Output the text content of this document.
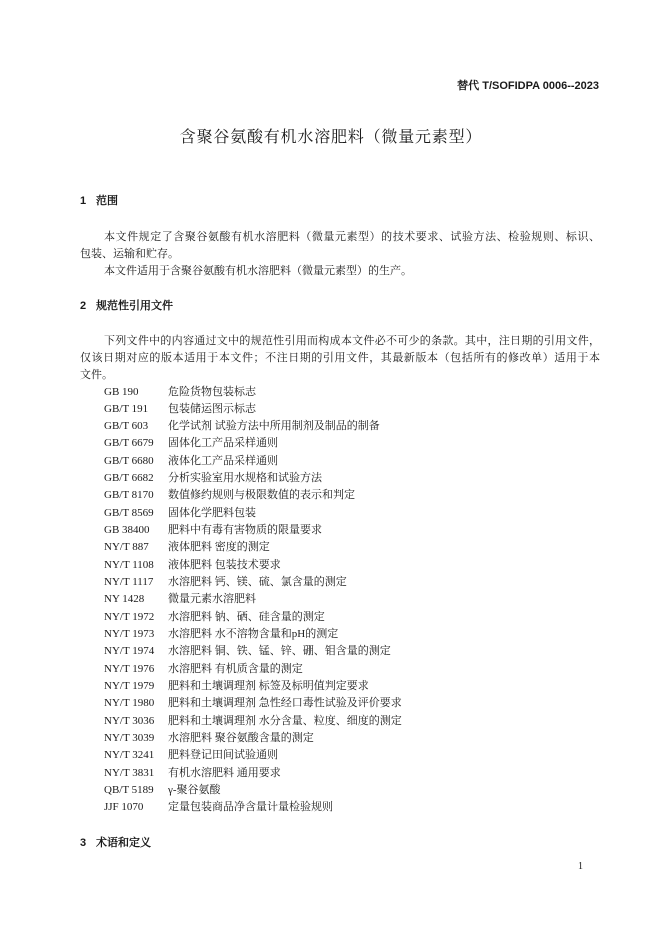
替代 T/SOFIDPA 0006--2023
含聚谷氨酸有机水溶肥料（微量元素型）
1 范围
本文件规定了含聚谷氨酸有机水溶肥料（微量元素型）的技术要求、试验方法、检验规则、标识、
包装、运输和贮存。
本文件适用于含聚谷氨酸有机水溶肥料（微量元素型）的生产。
2 规范性引用文件
下列文件中的内容通过文中的规范性引用而构成本文件必不可少的条款。其中，注日期的引用文件，
仅该日期对应的版本适用于本文件；不注日期的引用文件，其最新版本（包括所有的修改单）适用于本
文件。
GB 190	危险货物包装标志
GB/T 191 包装储运图示标志
GB/T 603 化学试剂 试验方法中所用制剂及制品的制备
GB/T 6679 固体化工产品采样通则
GB/T 6680 液体化工产品采样通则
GB/T 6682 分析实验室用水规格和试验方法
GB/T 8170 数值修约规则与极限数值的表示和判定
GB/T 8569 固体化学肥料包装
GB 38400 肥料中有毒有害物质的限量要求
NY/T 887 液体肥料 密度的测定
NY/T 1108 液体肥料 包装技术要求
NY/T 1117 水溶肥料 钙、镁、硫、氯含量的测定
NY 1428 微量元素水溶肥料
NY/T 1972 水溶肥料 钠、硒、硅含量的测定
NY/T 1973 水溶肥料 水不溶物含量和pH的测定
NY/T 1974 水溶肥料 铜、铁、锰、锌、硼、钼含量的测定
NY/T 1976 水溶肥料 有机质含量的测定
NY/T 1979 肥料和土壤调理剂 标签及标明值判定要求
NY/T 1980 肥料和土壤调理剂 急性经口毒性试验及评价要求
NY/T 3036 肥料和土壤调理剂 水分含量、粒度、细度的测定
NY/T 3039 水溶肥料 聚谷氨酸含量的测定
NY/T 3241 肥料登记田间试验通则
NY/T 3831 有机水溶肥料 通用要求
QB/T 5189 γ-聚谷氨酸
JJF 1070 定量包装商品净含量计量检验规则
3 术语和定义
1
